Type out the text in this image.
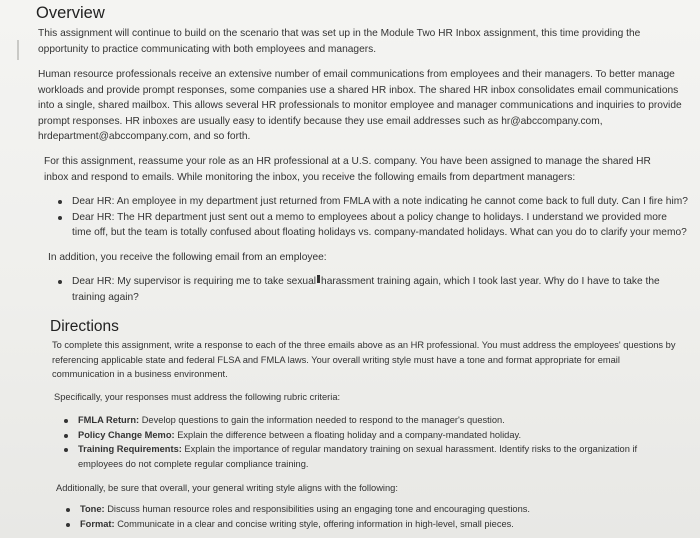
Overview

This assignment will continue to build on the scenario that was set up in the Module Two HR Inbox assignment, this time providing the opportunity to practice communicating with both employees and managers.

Human resource professionals receive an extensive number of email communications from employees and their managers. To better manage workloads and provide prompt responses, some companies use a shared HR inbox. The shared HR inbox consolidates email communications into a single, shared mailbox. This allows several HR professionals to monitor employee and manager communications and inquiries to provide prompt responses. HR inboxes are usually easy to identify because they use email addresses such as hr@abccompany.com, hrdepartment@abccompany.com, and so forth.

For this assignment, reassume your role as an HR professional at a U.S. company. You have been assigned to manage the shared HR inbox and respond to emails. While monitoring the inbox, you receive the following emails from department managers:

Dear HR: An employee in my department just returned from FMLA with a note indicating he cannot come back to full duty. Can I fire him?
Dear HR: The HR department just sent out a memo to employees about a policy change to holidays. I understand we provided more time off, but the team is totally confused about floating holidays vs. company-mandated holidays. What can you do to clarify your memo?

In addition, you receive the following email from an employee:

Dear HR: My supervisor is requiring me to take sexual harassment training again, which I took last year. Why do I have to take the training again?
Directions

To complete this assignment, write a response to each of the three emails above as an HR professional. You must address the employees' questions by referencing applicable state and federal FLSA and FMLA laws. Your overall writing style must have a tone and format appropriate for email communication in a business environment.

Specifically, your responses must address the following rubric criteria:

FMLA Return: Develop questions to gain the information needed to respond to the manager's question.
Policy Change Memo: Explain the difference between a floating holiday and a company-mandated holiday.
Training Requirements: Explain the importance of regular mandatory training on sexual harassment. Identify risks to the organization if employees do not complete regular compliance training.

Additionally, be sure that overall, your general writing style aligns with the following:

Tone: Discuss human resource roles and responsibilities using an engaging tone and encouraging questions.
Format: Communicate in a clear and concise writing style, offering information in high-level, small pieces.
